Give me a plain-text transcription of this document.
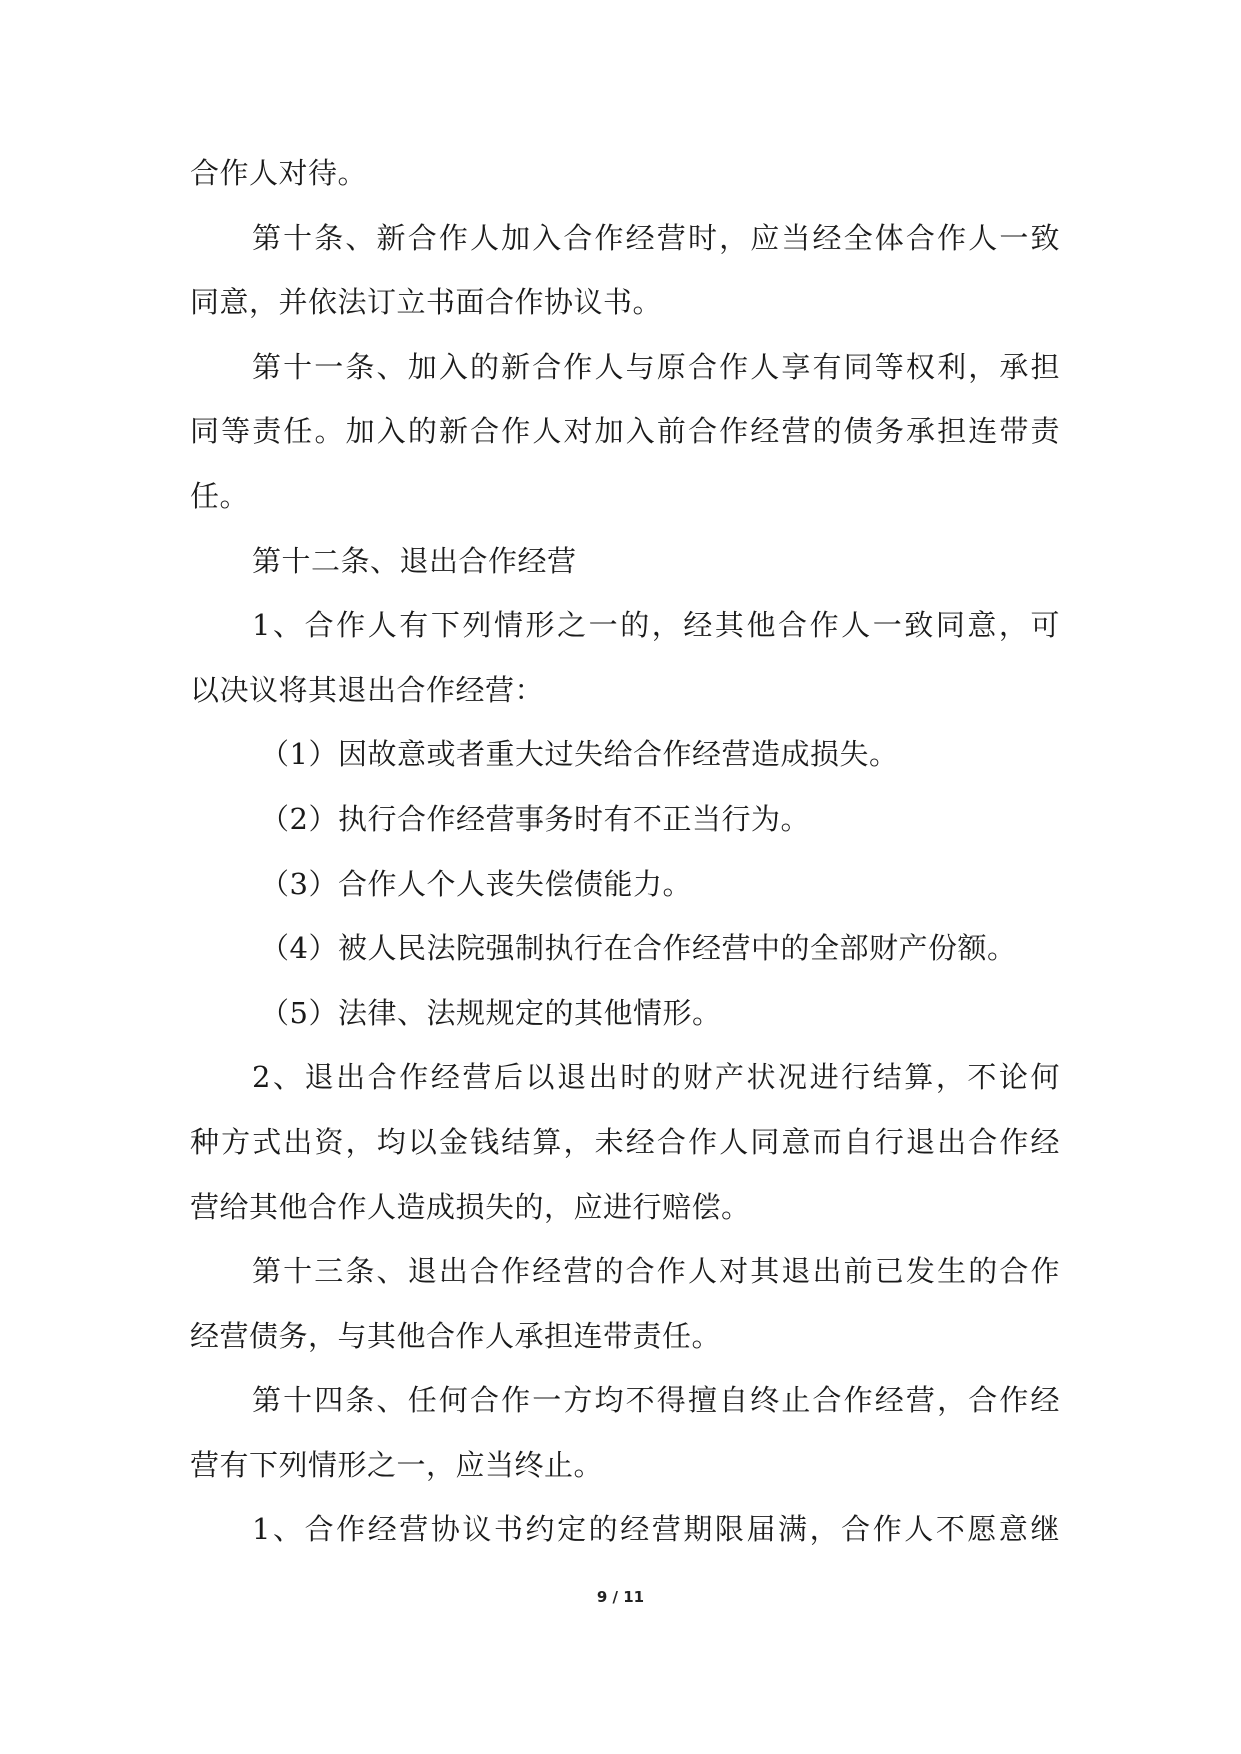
合作人对待。
第十条、新合作人加入合作经营时，应当经全体合作人一致
同意，并依法订立书面合作协议书。
第十一条、加入的新合作人与原合作人享有同等权利，承担
同等责任。加入的新合作人对加入前合作经营的债务承担连带责
任。
第十二条、退出合作经营
1、合作人有下列情形之一的，经其他合作人一致同意，可
以决议将其退出合作经营：
（1）因故意或者重大过失给合作经营造成损失。
（2）执行合作经营事务时有不正当行为。
（3）合作人个人丧失偿债能力。
（4）被人民法院强制执行在合作经营中的全部财产份额。
（5）法律、法规规定的其他情形。
2、退出合作经营后以退出时的财产状况进行结算，不论何
种方式出资，均以金钱结算，未经合作人同意而自行退出合作经
营给其他合作人造成损失的，应进行赔偿。
第十三条、退出合作经营的合作人对其退出前已发生的合作
经营债务，与其他合作人承担连带责任。
第十四条、任何合作一方均不得擅自终止合作经营，合作经
营有下列情形之一，应当终止。
1、合作经营协议书约定的经营期限届满，合作人不愿意继
9 / 11
